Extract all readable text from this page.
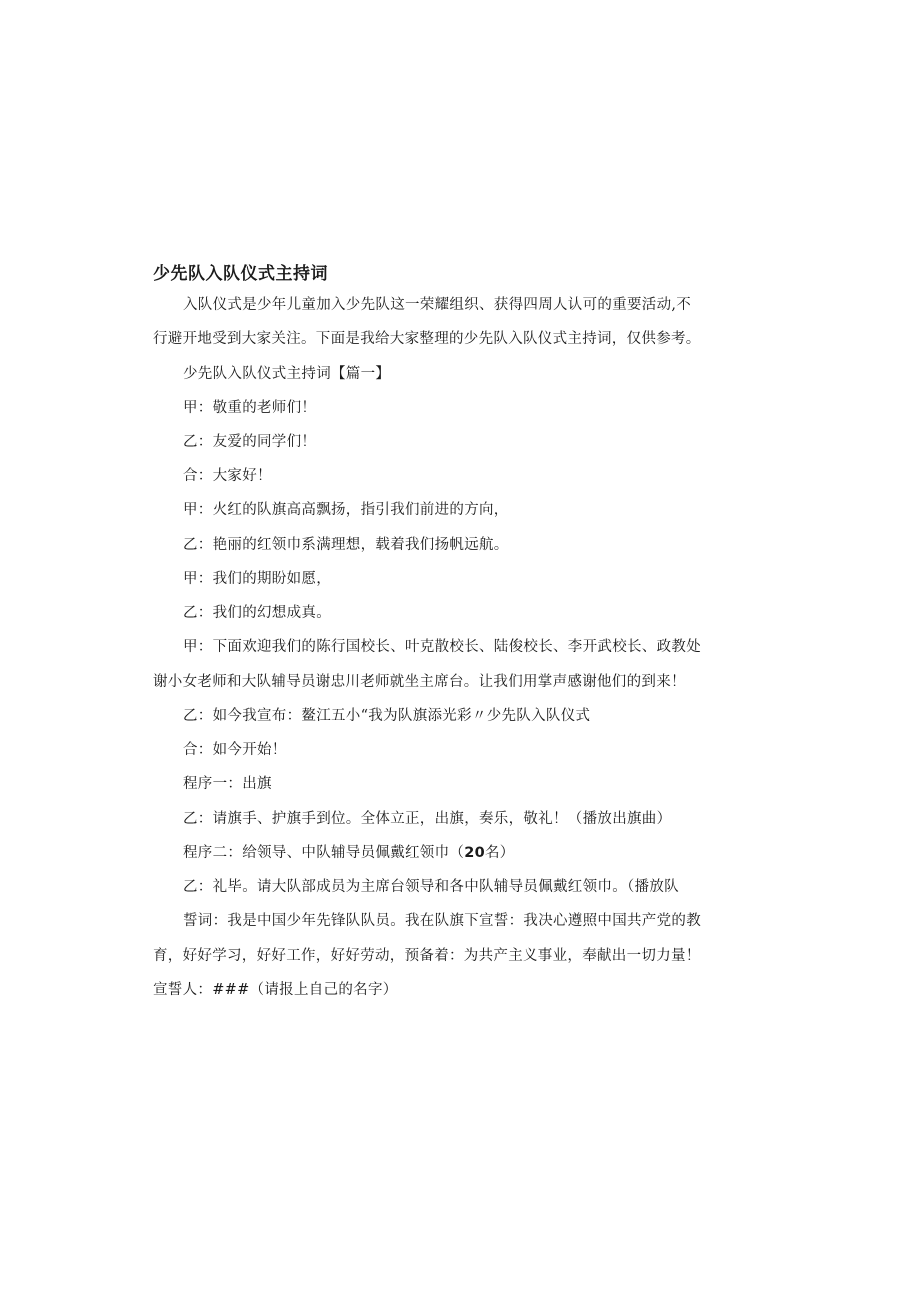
少先队入队仪式主持词
入队仪式是少年儿童加入少先队这一荣耀组织、获得四周人认可的重要活动,不
行避开地受到大家关注。下面是我给大家整理的少先队入队仪式主持词，仅供参考。
少先队入队仪式主持词【篇一】
甲：敬重的老师们！
乙：友爱的同学们！
合：大家好！
甲：火红的队旗高高飘扬，指引我们前进的方向，
乙：艳丽的红领巾系满理想，载着我们扬帆远航。
甲：我们的期盼如愿，
乙：我们的幻想成真。
甲：下面欢迎我们的陈行国校长、叶克散校长、陆俊校长、李开武校长、政教处
谢小女老师和大队辅导员谢忠川老师就坐主席台。让我们用掌声感谢他们的到来！
乙：如今我宣布：鳌江五小“我为队旗添光彩〃少先队入队仪式
合：如今开始！
程序一：出旗
乙：请旗手、护旗手到位。全体立正，出旗，奏乐，敬礼！（播放出旗曲）
程序二：给领导、中队辅导员佩戴红领巾（20名）
乙：礼毕。请大队部成员为主席台领导和各中队辅导员佩戴红领巾。（播放队
誓词：我是中国少年先锋队队员。我在队旗下宣誓：我决心遵照中国共产党的教
育，好好学习，好好工作，好好劳动，预备着：为共产主义事业，奉献出一切力量！
宣誓人：###（请报上自己的名字）
